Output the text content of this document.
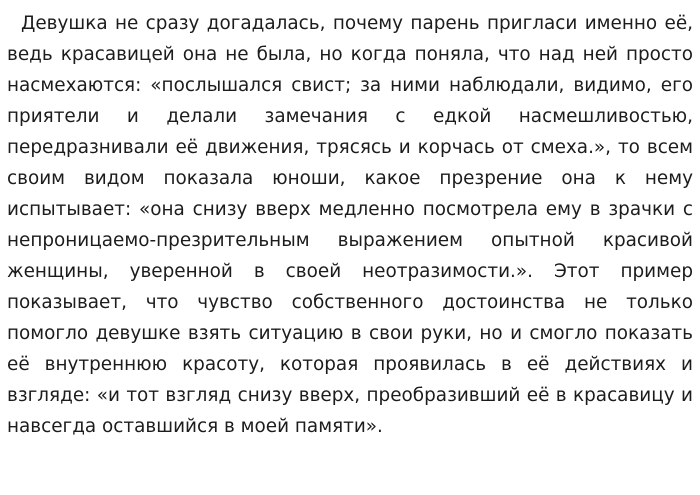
Девушка не сразу догадалась, почему парень пригласи именно её, ведь красавицей она не была, но когда поняла, что над ней просто насмехаются: «послышался свист; за ними наблюдали, видимо, его приятели и делали замечания с едкой насмешливостью, передразнивали её движения, трясясь и корчась от смеха.», то всем своим видом показала юноши, какое презрение она к нему испытывает: «она снизу вверх медленно посмотрела ему в зрачки с непроницаемо-презрительным выражением опытной красивой женщины, уверенной в своей неотразимости.». Этот пример показывает, что чувство собственного достоинства не только помогло девушке взять ситуацию в свои руки, но и смогло показать её внутреннюю красоту, которая проявилась в её действиях и взгляде: «и тот взгляд снизу вверх, преобразивший её в красавицу и навсегда оставшийся в моей памяти».
